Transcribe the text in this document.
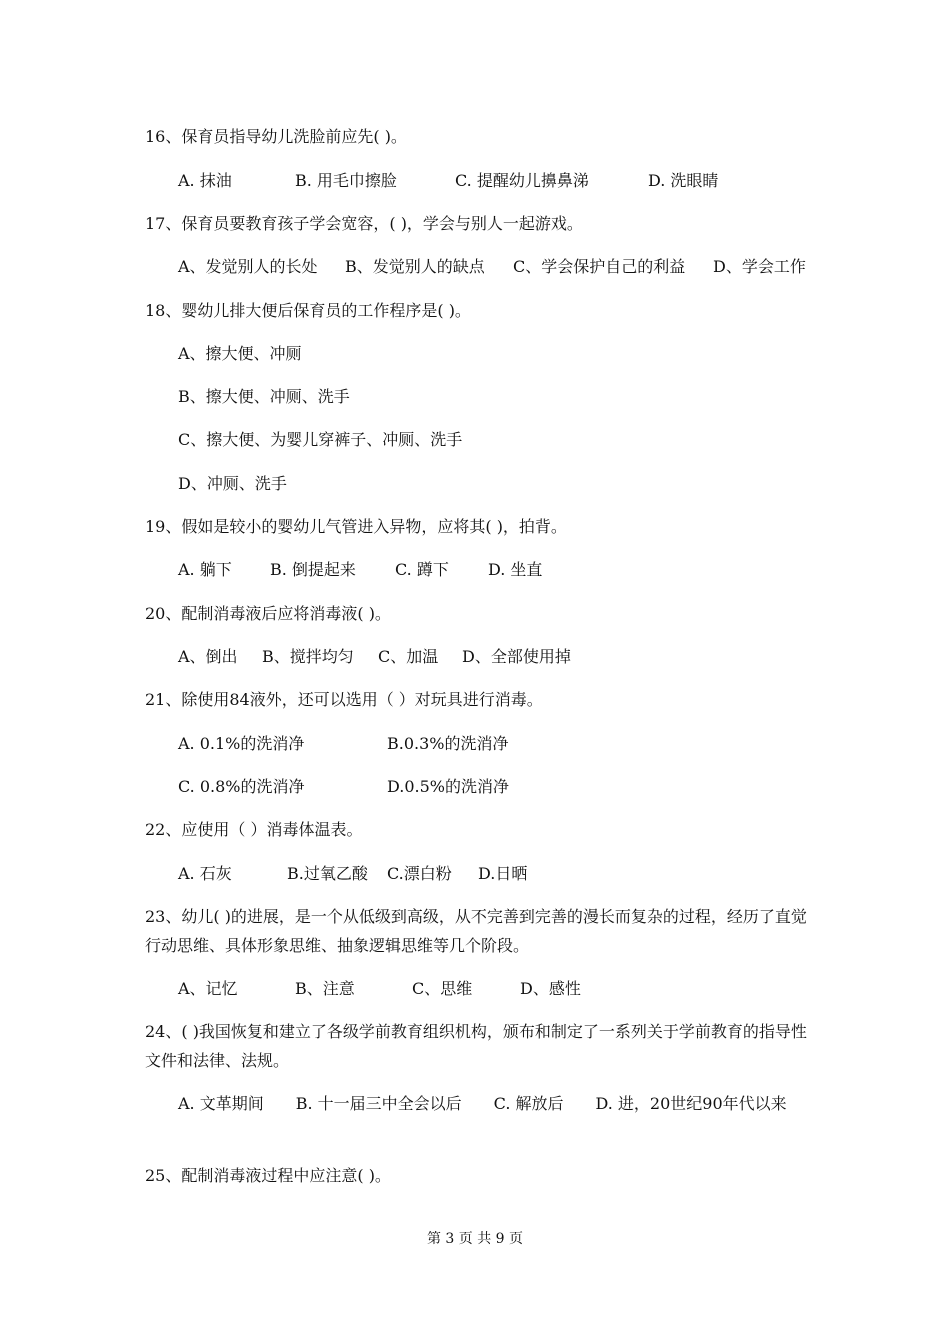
16、保育员指导幼儿洗脸前应先( )。
A. 抹油	B. 用毛巾擦脸	C. 提醒幼儿擤鼻涕	D. 洗眼睛
17、保育员要教育孩子学会宽容，( )，学会与别人一起游戏。
A、发觉别人的长处 B、发觉别人的缺点 C、学会保护自己的利益 D、学会工作
18、婴幼儿排大便后保育员的工作程序是( )。
A、擦大便、冲厕
B、擦大便、冲厕、洗手
C、擦大便、为婴儿穿裤子、冲厕、洗手
D、冲厕、洗手
19、假如是较小的婴幼儿气管进入异物，应将其( )，拍背。
A. 躺下 B. 倒提起来 C. 蹲下 D. 坐直
20、配制消毒液后应将消毒液( )。
A、倒出 B、搅拌均匀 C、加温 D、全部使用掉
21、除使用84液外，还可以选用（ ）对玩具进行消毒。
A. 0.1%的洗消净	B.0.3%的洗消净
C. 0.8%的洗消净	D.0.5%的洗消净
22、应使用（ ）消毒体温表。
A. 石灰	B.过氧乙酸 C.漂白粉 D.日晒
23、幼儿( )的进展，是一个从低级到高级，从不完善到完善的漫长而复杂的过程，经历了直觉行动思维、具体形象思维、抽象逻辑思维等几个阶段。
A、记忆	B、注意	C、思维	D、感性
24、( )我国恢复和建立了各级学前教育组织机构，颁布和制定了一系列关于学前教育的指导性文件和法律、法规。
A. 文革期间　　B. 十一届三中全会以后　　C. 解放后　　D. 进，20世纪90年代以来
25、配制消毒液过程中应注意( )。
第 3 页 共 9 页
